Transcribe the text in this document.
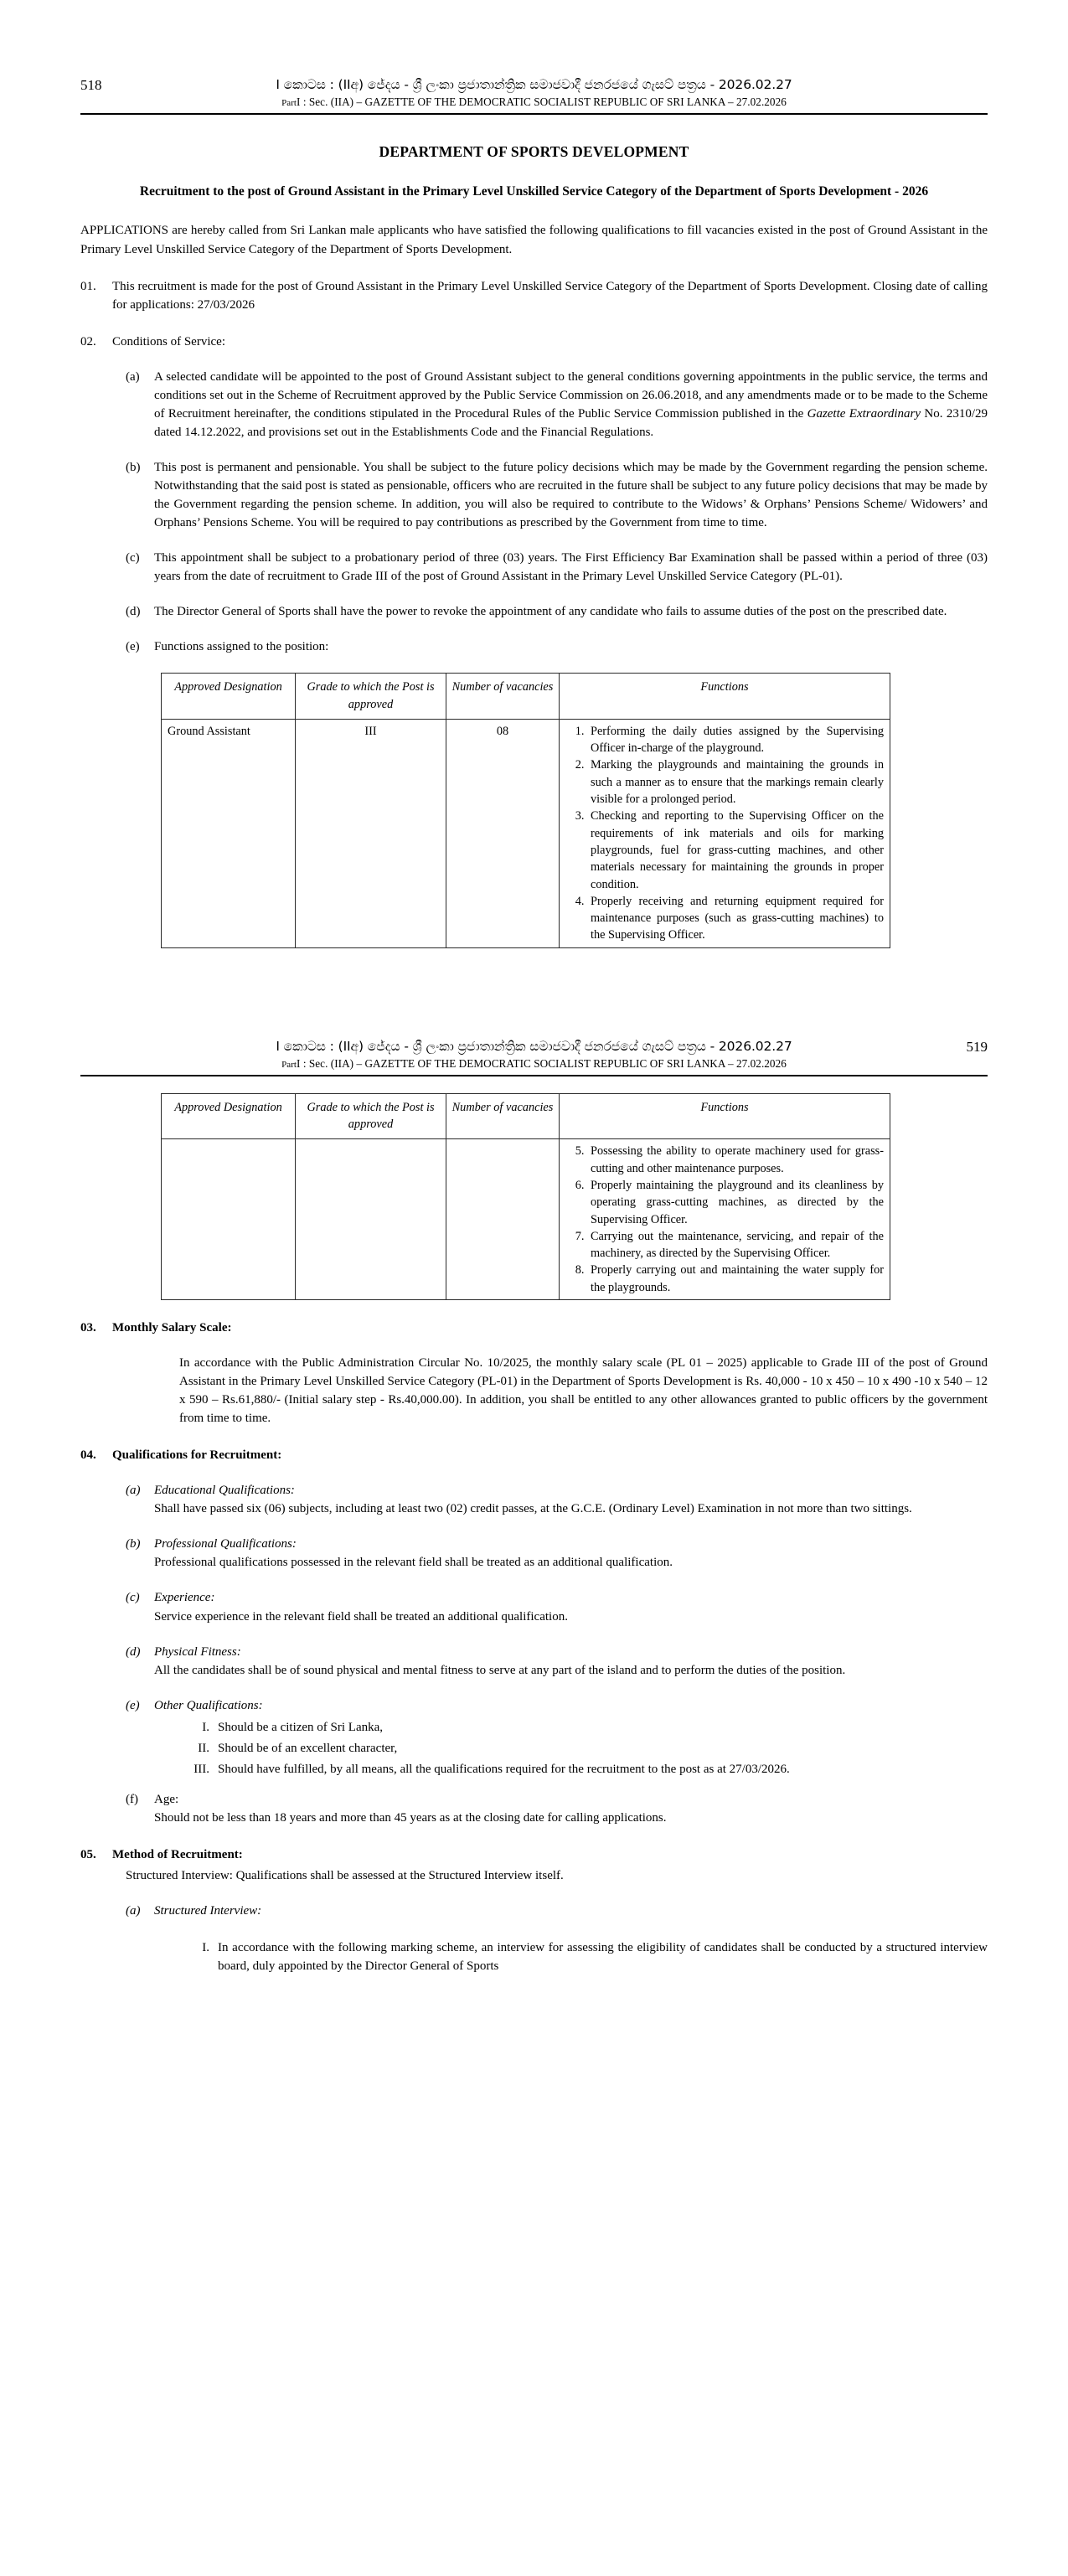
518	I කොටස : (IIඅ) ජේදය - ශ්‍රී ලංකා ප්‍රජාතාන්ත්‍රික සමාජවාදී ජනරජයේ ගැසට් පත්‍රය - 2026.02.27
PartI : Sec. (IIA) – GAZETTE OF THE DEMOCRATIC SOCIALIST REPUBLIC OF SRI LANKA – 27.02.2026
DEPARTMENT OF SPORTS DEVELOPMENT
Recruitment to the post of Ground Assistant in the Primary Level Unskilled Service Category of the Department of Sports Development - 2026

APPLICATIONS are hereby called from Sri Lankan male applicants who have satisfied the following qualifications to fill vacancies existed in the post of Ground Assistant in the Primary Level Unskilled Service Category of the Department of Sports Development.

01.	This recruitment is made for the post of Ground Assistant in the Primary Level Unskilled Service Category of the Department of Sports Development. Closing date of calling for applications: 27/03/2026
02.	Conditions of Service:
(a)	A selected candidate will be appointed to the post of Ground Assistant subject to the general conditions governing appointments in the public service, the terms and conditions set out in the Scheme of Recruitment approved by the Public Service Commission on 26.06.2018, and any amendments made or to be made to the Scheme of Recruitment hereinafter, the conditions stipulated in the Procedural Rules of the Public Service Commission published in the Gazette Extraordinary No. 2310/29 dated 14.12.2022, and provisions set out in the Establishments Code and the Financial Regulations.
(b)	This post is permanent and pensionable. You shall be subject to the future policy decisions which may be made by the Government regarding the pension scheme. Notwithstanding that the said post is stated as pensionable, officers who are recruited in the future shall be subject to any future policy decisions that may be made by the Government regarding the pension scheme. In addition, you will also be required to contribute to the Widows’ & Orphans’ Pensions Scheme/ Widowers’ and Orphans’ Pensions Scheme. You will be required to pay contributions as prescribed by the Government from time to time.
(c)	This appointment shall be subject to a probationary period of three (03) years. The First Efficiency Bar Examination shall be passed within a period of three (03) years from the date of recruitment to Grade III of the post of Ground Assistant in the Primary Level Unskilled Service Category (PL-01).
(d)	The Director General of Sports shall have the power to revoke the appointment of any candidate who fails to assume duties of the post on the prescribed date.
(e)	Functions assigned to the position:
Approved Designation	Grade to which the Post is approved	Number of vacancies	Functions
Ground Assistant	III	08	
1.Performing the daily duties assigned by the Supervising Officer in-charge of the playground.
2. Marking the playgrounds and maintaining the grounds in such a manner as to ensure that the markings remain clearly visible for a prolonged period.
3. Checking and reporting to the Supervising Officer on the requirements of ink materials and oils for marking playgrounds, fuel for grass-cutting machines, and other materials necessary for maintaining the grounds in proper condition.
4. Properly receiving and returning equipment required for maintenance purposes (such as grass-cutting machines) to the Supervising Officer.
I කොටස : (IIඅ) ජේදය - ශ්‍රී ලංකා ප්‍රජාතාන්ත්‍රික සමාජවාදී ජනරජයේ ගැසට් පත්‍රය - 2026.02.27	519
PartI : Sec. (IIA) – GAZETTE OF THE DEMOCRATIC SOCIALIST REPUBLIC OF SRI LANKA – 27.02.2026
Approved Designation	Grade to which the Post is approved	Number of vacancies	Functions

5. Possessing the ability to operate machinery used for grass-cutting and other maintenance purposes.
6. Properly maintaining the playground and its cleanliness by operating grass-cutting machines, as directed by the Supervising Officer.
7. Carrying out the maintenance, servicing, and repair of the machinery, as directed by the Supervising Officer.
8. Properly carrying out and maintaining the water supply for the playgrounds.
03.	Monthly Salary Scale:
In accordance with the Public Administration Circular No. 10/2025, the monthly salary scale (PL 01 – 2025) applicable to Grade III of the post of Ground Assistant in the Primary Level Unskilled Service Category (PL-01) in the Department of Sports Development is Rs. 40,000 - 10 x 450 – 10 x 490 -10 x 540 – 12 x 590 – Rs.61,880/- (Initial salary step - Rs.40,000.00). In addition, you shall be entitled to any other allowances granted to public officers by the government from time to time.
04.	Qualifications for Recruitment:
(a)	Educational Qualifications:
Shall have passed six (06) subjects, including at least two (02) credit passes, at the G.C.E. (Ordinary Level) Examination in not more than two sittings.
(b)	Professional Qualifications:
Professional qualifications possessed in the relevant field shall be treated as an additional qualification.
(c)	Experience:
Service experience in the relevant field shall be treated an additional qualification.
(d)	Physical Fitness:
All the candidates shall be of sound physical and mental fitness to serve at any part of the island and to perform the duties of the position.
(e)	Other Qualifications:
I. Should be a citizen of Sri Lanka,
II. Should be of an excellent character,
III. Should have fulfilled, by all means, all the qualifications required for the recruitment to the post as at 27/03/2026.
(f)	Age:
Should not be less than 18 years and more than 45 years as at the closing date for calling applications.
05.	Method of Recruitment:
Structured Interview: Qualifications shall be assessed at the Structured Interview itself.
(a)	Structured Interview:
I. In accordance with the following marking scheme, an interview for assessing the eligibility of candidates shall be conducted by a structured interview board, duly appointed by the Director General of Sports
